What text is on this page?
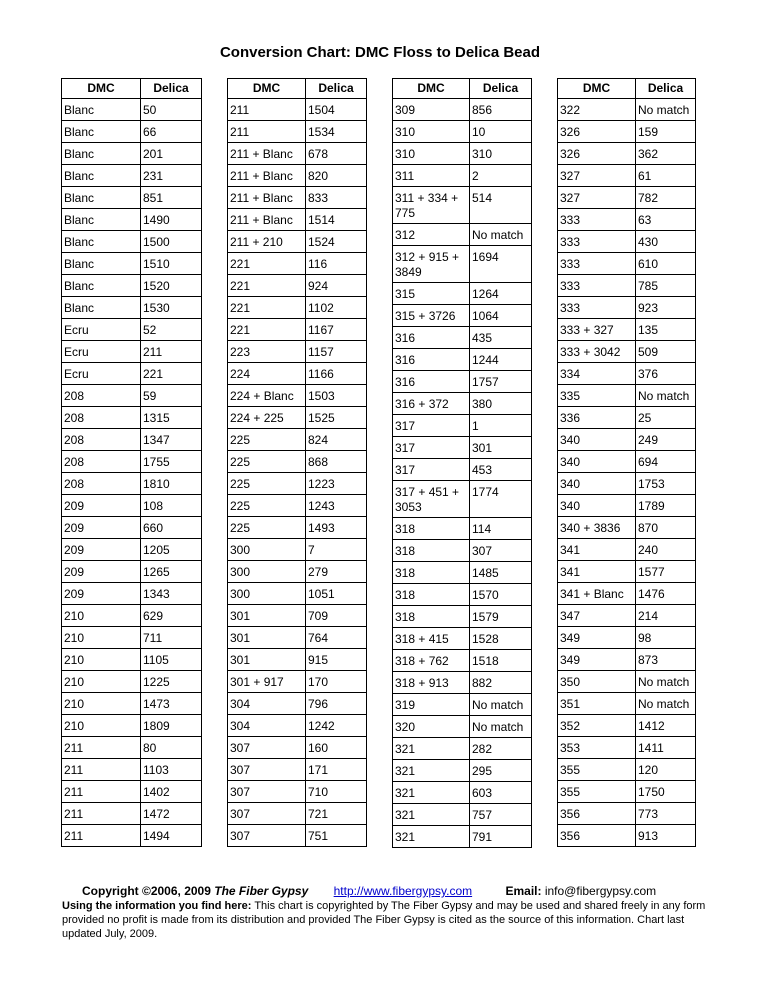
Conversion Chart: DMC Floss to Delica Bead
DMC	Delica
Blanc	50
Blanc	66
Blanc	201
Blanc	231
Blanc	851
Blanc	1490
Blanc	1500
Blanc	1510
Blanc	1520
Blanc	1530
Ecru	52
Ecru	211
Ecru	221
208	59
208	1315
208	1347
208	1755
208	1810
209	108
209	660
209	1205
209	1265
209	1343
210	629
210	711
210	1105
210	1225
210	1473
210	1809
211	80
211	1103
211	1402
211	1472
211	1494
DMC	Delica
211	1504
211	1534
211 + Blanc	678
211 + Blanc	820
211 + Blanc	833
211 + Blanc	1514
211 + 210	1524
221	116
221	924
221	1102
221	1167
223	1157
224	1166
224 + Blanc	1503
224 + 225	1525
225	824
225	868
225	1223
225	1243
225	1493
300	7
300	279
300	1051
301	709
301	764
301	915
301 + 917	170
304	796
304	1242
307	160
307	171
307	710
307	721
307	751
DMC	Delica
309	856
310	10
310	310
311	2
311 + 334 + 775	514
312	No match
312 + 915 + 3849	1694
315	1264
315 + 3726	1064
316	435
316	1244
316	1757
316 + 372	380
317	1
317	301
317	453
317 + 451 + 3053	1774
318	114
318	307
318	1485
318	1570
318	1579
318 + 415	1528
318 + 762	1518
318 + 913	882
319	No match
320	No match
321	282
321	295
321	603
321	757
321	791
DMC	Delica
322	No match
326	159
326	362
327	61
327	782
333	63
333	430
333	610
333	785
333	923
333 + 327	135
333 + 3042	509
334	376
335	No match
336	25
340	249
340	694
340	1753
340	1789
340 + 3836	870
341	240
341	1577
341 + Blanc	1476
347	214
349	98
349	873
350	No match
351	No match
352	1412
353	1411
355	120
355	1750
356	773
356	913
Copyright ©2006, 2009 The Fiber Gypsy http://www.fibergypsy.com	Email: info@fibergypsy.com
Using the information you find here: This chart is copyrighted by The Fiber Gypsy and may be used and shared freely in any form provided no profit is made from its distribution and provided The Fiber Gypsy is cited as the source of this information. Chart last updated July, 2009.
